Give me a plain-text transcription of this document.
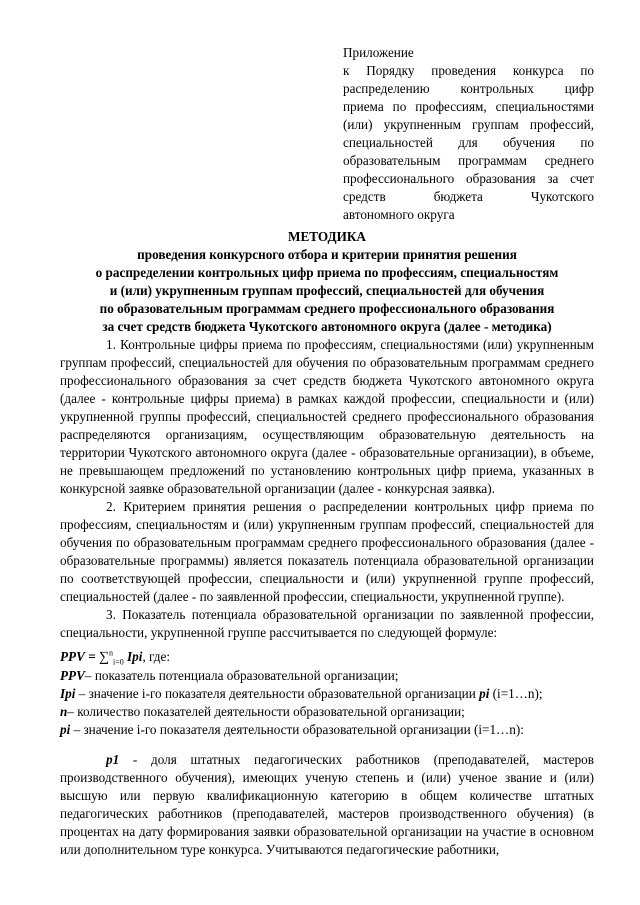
Приложение
к Порядку проведения конкурса по
распределению контрольных цифр
приема по профессиям, специальностями
(или) укрупненным группам профессий,
специальностей для обучения по
образовательным программам среднего
профессионального образования за счет
средств бюджета Чукотского
автономного округа
МЕТОДИКА
проведения конкурсного отбора и критерии принятия решения
о распределении контрольных цифр приема по профессиям, специальностям
и (или) укрупненным группам профессий, специальностей для обучения
по образовательным программам среднего профессионального образования
за счет средств бюджета Чукотского автономного округа (далее - методика)

1. Контрольные цифры приема по профессиям, специальностями (или) укрупненным группам профессий, специальностей для обучения по образовательным программам среднего профессионального образования за счет средств бюджета Чукотского автономного округа (далее - контрольные цифры приема) в рамках каждой профессии, специальности и (или) укрупненной группы профессий, специальностей среднего профессионального образования распределяются организациям, осуществляющим образовательную деятельность на территории Чукотского автономного округа (далее - образовательные организации), в объеме, не превышающем предложений по установлению контрольных цифр приема, указанных в конкурсной заявке образовательной организации (далее - конкурсная заявка).

2. Критерием принятия решения о распределении контрольных цифр приема по профессиям, специальностям и (или) укрупненным группам профессий, специальностей для обучения по образовательным программам среднего профессионального образования (далее - образовательные программы) является показатель потенциала образовательной организации по соответствующей профессии, специальности и (или) укрупненной группе профессий, специальностей (далее - по заявленной профессии, специальности, укрупненной группе).

3. Показатель потенциала образовательной организации по заявленной профессии, специальности, укрупненной группе рассчитывается по следующей формуле:

PPV = ∑$^n_{i=0}$ Ipi, где:
PPV– показатель потенциала образовательной организации;
Ipi – значение i-го показателя деятельности образовательной организации pi (i=1…n);
n– количество показателей деятельности образовательной организации;
pi – значение i-го показателя деятельности образовательной организации (i=1…n):

p1 - доля штатных педагогических работников (преподавателей, мастеров производственного обучения), имеющих ученую степень и (или) ученое звание и (или) высшую или первую квалификационную категорию в общем количестве штатных педагогических работников (преподавателей, мастеров производственного обучения) (в процентах на дату формирования заявки образовательной организации на участие в основном или дополнительном туре конкурса. Учитываются педагогические работники,
